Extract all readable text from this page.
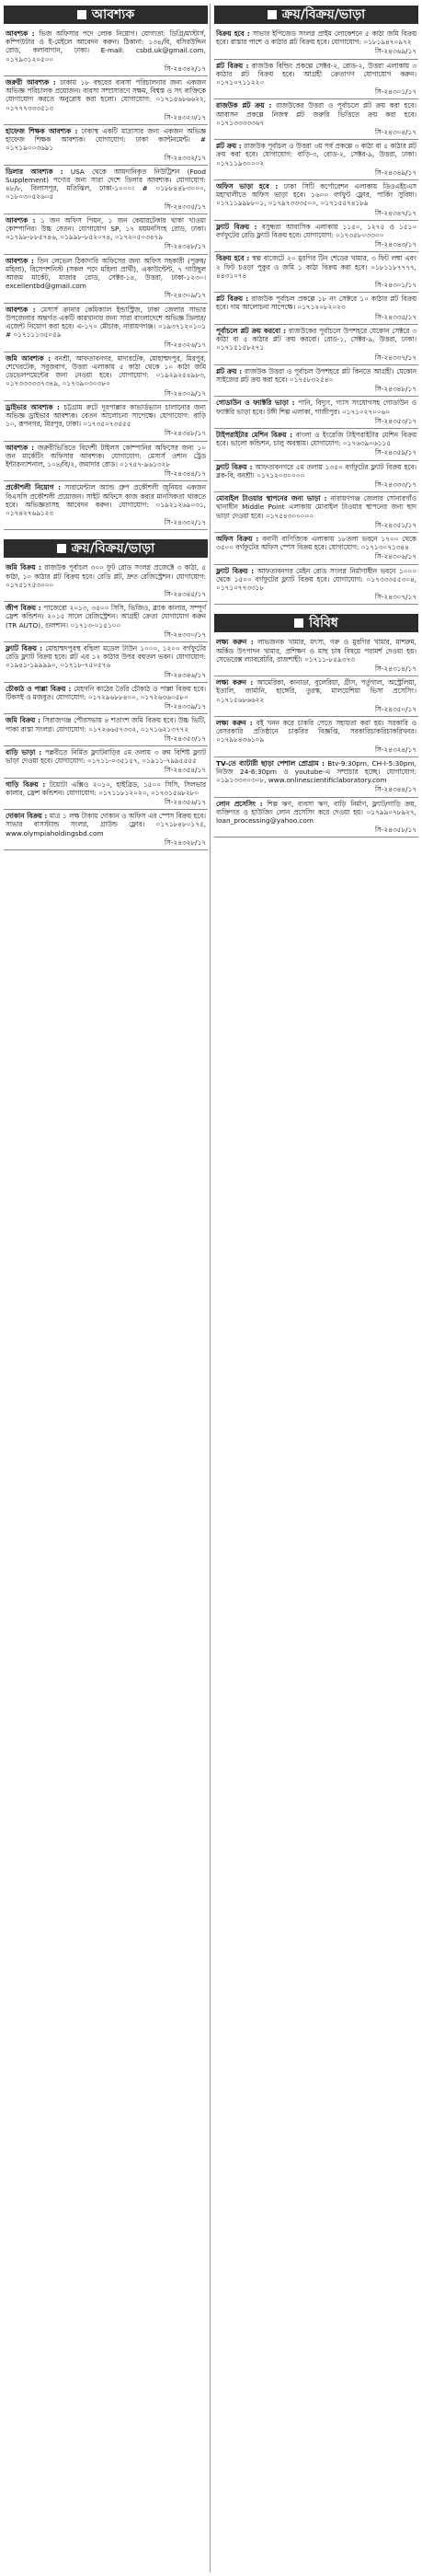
আবশ্যক
আবশ্যক : ভিজ অফিসার পদে লোক নিয়োগ। যোগ্যতা: ডিগ্রি/মাস্টার্স, কম্পিউটার ও ই-মেইলে আবেদন করুন। ঠিকানা: ১৩৪/বি, বসিরউদ্দিন রোড, কলাবাগান, ঢাকা। E-mail: csbd.uk@gmail.com, ০১৭৯৩১২০৫০০
সি-২৪৩৪২/১৭
জরুরী আবশ্যক : ঢাকায় ১৮ বছরের ব্যবসা পরিচালনার জন্য একজন অভিজ্ঞ পরিচালক প্রয়োজন। ব্যবসা সম্প্রসারণে সক্ষম, বিশ্বস্ত ও সৎ ব্যক্তিকে যোগাযোগ করতে অনুরোধ করা হলো। যোগাযোগ: ০১৭১৫৬৮৬৬২২, ০১৭৭৭৩৩৩৫১৩
সি-২৪৩২৩/১৭
হাফেজ শিক্ষক আবশ্যক : ঢাকাস্থ একটি মাদ্রাসার জন্য একজন অভিজ্ঞ হাফেজ শিক্ষক আবশ্যক। যোগাযোগ: ঢাকা ক্যান্টনমেন্ট। # ০১৭১৯০০৩৬৯১
সি-২৪৩৩২/১৭
ডিলার আবশ্যক : USA থেকে আমদানিকৃত নিউট্রিশন (Food Supplement) পণ্যের জন্য সারা দেশে ডিলার আবশ্যক। যোগাযোগ: ৪৮/৮, বিলাসপুর, মতিঝিল, ঢাকা-১০০০। # ০১৮৮৪৪৮৩০০০, ০১৮০৩০৫২৬০৫
সি-২৪৩৩৫/১৭
আবশ্যক : ১ জন অফিস পিয়ন, ১ জন কেয়ারটেকার থাকা খাওয়া কোম্পানির। উচ্চ বেতন। যোগাযোগ SP, ১৭ ময়মনসিংহ রোড, ঢাকা। ০১৭৯৮-৮৮৫৭৪৬, ০১৯৯৮-৮৫২০৭৪, ০১৭২০৫০৩৪৭৯
সি-২৪৩৪৮/১৭
আবশ্যক : তিন লেভেল ঠিকাদারি অফিসের জন্য অফিস সহকারী (পুরুষ/মহিলা), রিসেপশনিস্ট (সকল পদে মহিলা প্রার্থী), একাউন্টেন্ট, ৭ গাউছুল আজম মার্কেট, মাজার রোড, সেক্টর-১৪, উত্তরা, ঢাকা-১২৩০। excellentbd@gmail.com
সি-২৪৩০৯/১৭
আবশ্যক : মেসার্স ক্রানার কেমিক্যাল ইন্ডাস্ট্রিজ, ঢাকা জেলার সাভার উপজেলার অন্তর্গত একটি কারখানার জন্য সারা বাংলাদেশে অভিজ্ঞ ডিলার/এজেন্ট নিয়োগ করা হবে। এ-১৭০ মৌচাক, নারায়ণগঞ্জ। ০১৯৩৭১২০১০১ # ০১৭১১১৩৫০৫৯
সি-২৪৩২৬/১৭
জমি আবশ্যক : বনশ্রী, আফতাবনগর, মাদারটেক, মোহাম্মদপুর, মিরপুর, শেখেরটেক, সবুজবাগ, উত্তরা এলাকায় ৫ কাঠা থেকে ১০ কাঠা জমি ডেভেলপমেন্টের জন্য নেওয়া হবে। যোগাযোগ: ০১৯২৯২৫৪৯৮৩, ০১৭৩৩৩৩৩৭৩৪৯, ০১৭৩৯০৩০৩৮০
সি-২৪৩০৯/১৭
ড্রাইভার আবশ্যক : চট্টগ্রাম রুটে দূরপাল্লার কাভার্ডভ্যান চালানোর জন্য অভিজ্ঞ ড্রাইভার আবশ্যক। বেতন আলোচনা সাপেক্ষে। যোগাযোগ: বাড়ি ১০, রূপনগর, মিরপুর, ঢাকা। ০১৭৩৫০৭৩৫৫৫
সি-২৪৩৪৮/১৭
আবশ্যক : জরুরীভিত্তিতে বিদেশী টাইলস কোম্পানির অফিসের জন্য ১০ জন মার্কেটিং অফিসার আবশ্যক। যোগাযোগ: মেসার্স ওশান ট্রেড ইন্টারন্যাশনাল, ১০৪/বি/২, জমাদার রোড। ০১৭৫৭-৯৬১৩২৮
সি-২৪৩৪৪/১৭
প্রকৌশলী নিয়োগ : সারামেন্টাল অ্যান্ড গ্রুপ প্রকৌশলী জুনিয়র একজন বিএসসি প্রকৌশলী প্রয়োজন। সাইট অফিসে কাজ করার মানসিকতা থাকতে হবে। অভিজ্ঞতাসহ আবেদন করুন। যোগাযোগ: ০১৯২১২৬৯০৩১, ০১৭৪২৭৬৯১২৩
সি-২৪৩৩২/১৭
ক্রয়/বিক্রয়/ভাড়া
জমি বিক্রয় : রাজউক পূর্বাচল ৩০০ ফুট রোড সংলগ্ন প্রজেক্টে ৩ কাঠা, ৫ কাঠা, ১০ কাঠার প্লট বিক্রয় হবে। রেডি প্লট, দ্রুত রেজিস্ট্রেশন। যোগাযোগ: ০১৭৫১৭৫৩০০০
সি-২৪৩৪৫/১৭
জীপ বিক্রয় : পাজেরো ২০১৩, ৩৫০০ সিসি, ভিজিও, ব্ল্যাক কালার, সম্পূর্ণ ফ্রেশ কন্ডিশন। ২০১৫ সালে রেজিস্ট্রেশন। আগ্রহী ক্রেতা যোগাযোগ করুন (TR AUTO), গুলশান। ০১৭১৩-০১৫১০০
সি-২৪৩৩০/১৭
ফ্ল্যাট বিক্রয় : মোহাম্মদপুরস্থ বছিলা মডেল টাউন ১০০০, ১২০০ বর্গফুটের রেডি ফ্ল্যাট বিক্রয় হবে। প্লট এর ১২ কাঠার উপর বহুতল ভবন। যোগাযোগ: ০১৯৪১-১৯৯৯৯০, ০১৭১৮-৭৫০৫৭৬
সি-২৪৩৪৬/১৭
চৌকাঠ ও পাল্লা বিক্রয় : মেহগনি কাঠের তৈরি চৌকাঠ ও পাল্লা বিক্রয় হবে। টিকসই ও মজবুত। যোগাযোগ: ০১৭২৯৬৮৮৪০০, ০১৭২৬৩৬০৫৮০
সি-২৪৩৩৯/১৭
জমি বিক্রয় : সিরাজগঞ্জ পৌরসভায় ৪ শতাংশ জমি বিক্রয় হবে। উচ্চ ভিটি, পাকা রাস্তা সংলগ্ন। যোগাযোগ: ০১৭২৬৬৫৭৩৩২, ০১৭১৬২১৩৭৭২
সি-২৪৩৫৩/১৭
বাড়ি ভাড়া : পল্লবীতে নির্মিত ফ্ল্যাটবাড়ির ৫ম তলায় ৩ রুম বিশিষ্ট ফ্ল্যাট ভাড়া দেওয়া হবে। যোগাযোগ: ০১৭১১-০৩৫১৫৭, ০১৯১১-৭৯৯৫৫৫৫
সি-২৪৩৫৪/১৭
গাড়ি বিক্রয় : টয়োটা এক্সিও ২০১০, হাইব্রিড, ১৫০০ সিসি, সিলভার কালার, ফ্রেশ কন্ডিশন। যোগাযোগ: ০১৭১১৮১২০২০, ০১৭৩১৫৬৮২৮০
সি-২৪৩৫৬/১৭
দোকান বিক্রয় : মাত্র ১ লক্ষ টাকায় দোকান ও অফিস এর স্পেস বিক্রয় হবে। সাভার বাসস্ট্যান্ড সংলগ্ন, গ্রাউন্ড ফ্লোর। ০১৭১৮৪৮০১৭৫, www.olympiaholdingsbd.com
সি-২৪৩২৮/১৭
ক্রয়/বিক্রয়/ভাড়া
বিক্রয় হবে : সাভার ইপিজেড সংলগ্ন প্রাইম লোকেশনে ৫ কাঠা জমি বিক্রয় হবে। রাস্তার পাশে ও কাঠার প্লট বিক্রয় হবে। যোগাযোগ: ০১৮১৯৪৭০৯৭২
সি-২৪৩৬৯/১৭
প্লট বিক্রয় : রাজউক বিল্ডিং প্রকল্পে সেক্টর-২, রোড-২, উত্তরা এলাকায় ৩ কাঠার প্লট বিক্রয় হবে। আগ্রহী ক্রেতাগণ যোগাযোগ করুন। ০১৭১০৭১১২২০
সি-২৪৩০১/১৭
রাজউক প্লট ক্রয় : রাজউকের উত্তরা ও পূর্বাচলে প্লট ক্রয় করা হবে। আবাসন প্রকল্পে নিজস্ব প্লট জরুরি ভিত্তিতে ক্রয় করা হবে। ০১৭১৩৩৩৩৩৬৭
সি-২৪৩০৪/১৭
প্লট ক্রয় : রাজউক পূর্বাচল ও উত্তরা ৩য় পর্ব প্রকল্পে ৩ কাঠা বা ৫ কাঠার প্লট ক্রয় করা হবে। যোগাযোগ: বাড়ি-৩, রোড-২, সেক্টর-৯, উত্তরা, ঢাকা। ০১৭১১৯৩০০০২
সি-২৪৩৪৯/১৭
অফিস ভাড়া হবে : ঢাকা সিটি কর্পোরেশন এলাকায় ডিওএইচএস মহাখালীতে অফিস ভাড়া হবে। ১৬০০ বর্গফুট ফ্লোর, পার্কিং সুবিধা। ০১৭১১৯৯৮৮০১, ০১৭৯৭৩৩৩৫০০, ০১৭১৫৫৭৪১৮৯
সি-২৪৩৪৭/১৭
ফ্ল্যাট বিক্রয় : বসুন্ধরা আবাসিক এলাকায় ১১৫০, ১২৭৫ ও ১৫১০ বর্গফুটের রেডি ফ্ল্যাট বিক্রয় হবে। যোগাযোগ: ০১৭৩৫৮০৩৩০০
সি-২৪৩৪৩/১৭
বিক্রয় হবে : স্বল্প বাজেটে ২০ মুরগির টিন শেডের খামার, ৩ ফিট লম্বা এবং ২ ফিট চওড়া পুকুর ও জমি ১ কাঠা বিক্রয় করা হবে। ০১৮১১৮৭৭৭৭, ৪৪৩১০৭৪
সি-২৪৩০১/১৭
প্লট বিক্রয় : রাজউক পূর্বাচল প্রকল্পে ১৮ নং সেক্টরে ১০ কাঠার প্লট বিক্রয় হবে। দাম আলোচনা সাপেক্ষে। ০১৭১২০৮২০২৩
সি-২৪৩৩৫/১৭
পূর্বাচলে প্লট ক্রয় করবো : রাজউকের পূর্বাচলে উপশহরে যেকোন সেক্টরে ৩ কাঠা বা ৫ কাঠার প্লট ক্রয় করবো। রোড-১, সেক্টর-৯, উত্তরা, ঢাকা। ০১৭১৫১৫৮২৭১
সি-২৪৩৩৭/১৭
প্লট ক্রয় : রাজউক উত্তরা ও পূর্বাচল উপশহরে প্লট কিনতে আগ্রহী। যেকোন সাইজের প্লট ক্রয় করা হবে। ০১৭৫৮৩২৫৪০
সি-২৪৩৪৮/১৭
গোডাউন ও ফ্যাক্টরি ভাড়া : পানি, বিদ্যুৎ, গ্যাস সংযোগসহ গোডাউন ও ফ্যাক্টরি ভাড়া হবে। টঙ্গী শিল্প এলাকা, গাজীপুর। ০১৭১০২৭০০৬০
সি-২৪৩৫৩/১৭
টাইপরাইটার মেশিন বিক্রয় : বাংলা ও ইংরেজি টাইপরাইটার মেশিন বিক্রয় হবে। ভালো কন্ডিশন, চালু অবস্থায়। যোগাযোগ: ০১৭৬৩৯০৬১১৫
সি-২৪৩৫৯/১৭
ফ্ল্যাট বিক্রয় : আফতাবনগরে ৫ম তলায় ১৩৫০ বর্গফুটের ফ্ল্যাট বিক্রয় হবে। ব্লক-বি, বনশ্রী। ০১৭১২০৩০০০০
সি-২৪৩৩৩/১৭
মোবাইল টাওয়ার স্থাপনের জন্য ভাড়া : নারায়ণগঞ্জ জেলার সোনারগাঁও থানাধীন Middle Point এলাকায় মোবাইল টাওয়ার স্থাপনের জন্য ছাদ ভাড়া দেওয়া হবে। ০১৭৫৪৩০০০০০
সি-২৪৩৫১/১৭
অফিস বিক্রয় : বনানী বাণিজ্যিক এলাকায় ১৮তলা ভবনে ১৭০০ থেকে ৩৫০০ বর্গফুটের অফিস স্পেস বিক্রয় হবে। যোগাযোগ: ০১৭১৩০৭১৩৪৪
সি-২৪৩০৬/১৭
ফ্ল্যাট বিক্রয় : আফতাবনগর মেইন রোড সংলগ্ন নির্মাণাধীন ভবনে ১০০০ থেকে ১৫০০ বর্গফুটের ফ্ল্যাট বিক্রয় হবে। যোগাযোগ: ০১৭৩৩৩৫৫৩০৪, ০১৭১০৭৭৩৩১৮
সি-২৪৩০৭/১৭
বিবিধ
লক্ষ্য করুন : লাভজনক খামার, মৎস্য, গরু ও মুরগির খামার, মাশরুম, অর্কিড উৎপাদন খামার, প্রশিক্ষণ ও মাছ চাষ বিষয়ে পরামর্শ দেওয়া হয়। সেভেরেক্স ল্যাবরেটরি, রাজশাহী। ০১৭১১-৮৫৯৩৭৩
সি-২৪৩১৪/১৭
লক্ষ্য করুন : আমেরিকা, কানাডা, বুলেরিয়া, গ্রীস, পর্তুগাল, অস্ট্রেলিয়া, ইতালি, জার্মানি, হাঙ্গেরি, তুরস্ক, মালয়েশিয়া ভিসা প্রসেসিং। ০১৭১৫৬৮৬৬২২
সি-২৪৩৫০/১৭
লক্ষ্য করুন : বই খনন করে চাকরি পেতে সহায়তা করা হয়। সরকারি ও বেসরকারি প্রতিষ্ঠানে চাকরির বিজ্ঞপ্তি, সরকারিচাকরিচাকরিখবর। ০১৭৯৮৪৩৬১০৯
সি-২৪৩২৪/১৭
TV-তে ব্যাটারী ছাড়া পেশাল প্রোগ্রাম : Btv-9:30pm, CH-I-5:30pm, নিউজ 24-6:30pm ও youtube-এ সম্প্রচার হচ্ছে। যোগাযোগ: ০১৯১৩৩৩০৩০৮, www.onlinescientificlaboratory.com
সি-২৪৩৪৪/১৭
লোন প্রসেসিং : শিল্প ঋণ, ব্যবসা ঋণ, বাড়ি নির্মাণ, ফ্ল্যাট/গাড়ি ক্রয়, ব্যক্তিগত ও হাউজিং লোন প্রসেসিং করে দেওয়া হয়। ০১৭৯৯০৭৮৯২৭, loan_processing@yahoo.com
সি-২৪৩৫৮/১৭
